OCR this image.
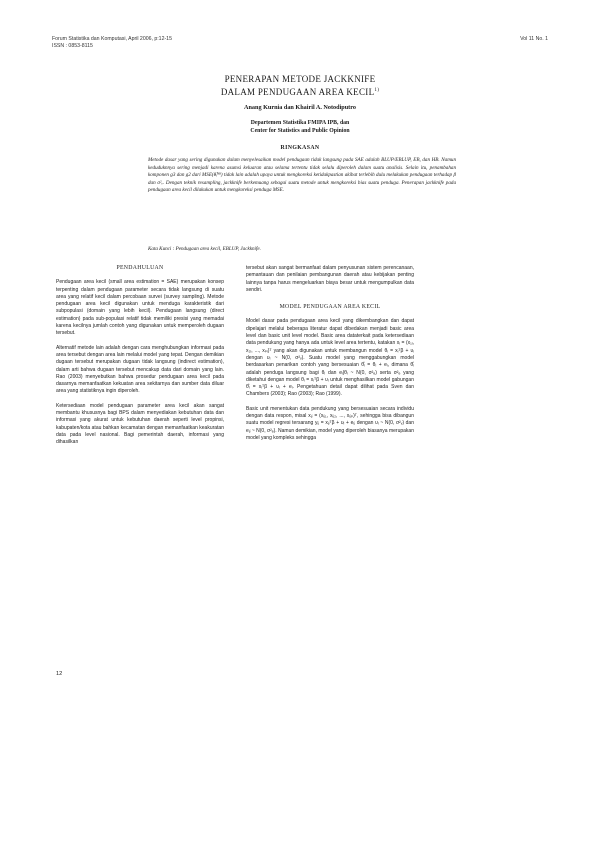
Forum Statistika dan Komputasi, April 2006, p:12-15
ISSN : 0853-8115
Vol 11 No. 1
PENERAPAN METODE JACKKNIFE
DALAM PENDUGAAN AREA KECIL$^{1)}$
Anang Kurnia dan Khairil A. Notodiputro
Departemen Statistika FMIPA IPB, dan
Center for Statistics and Public Opinion
RINGKASAN
Metode dasar yang sering digunakan dalam menyelesaikan model pendugaan tidak langsung pada SAE adalah BLUP/EBLUP, EB, dan HB. Namun keduduknnya sering menjadi karena asumsi keluaran atau selama tertentu tidak selalu diperoleh dalam suatu analisis. Selain itu, penambahan komponen g3 dan g2 dari MSE(θ̂ᵢᴴᴮ) tidak lain adalah upaya untuk mengkoreksi ketidakpastian akibat terlebih dulu melakukan pendugaan terhadap β dan σ²ᵥ. Dengan teknik resampling, jackknife berkemuang sebagai suatu metode untuk mengkoreksi bias suatu penduga. Penerapan jackknife pada pendugaan area kecil dilakukan untuk mengkoreksi penduga MSE.
Kata Kunci : Pendugaan area kecil, EBLUP, Jackknife.
PENDAHULUAN

Pendugaan area kecil (small area estimation = SAE) merupakan konsep terpenting dalam pendugaan parameter secara tidak langsung di suatu area yang relatif kecil dalam percobaan survei (survey sampling). Metode pendugaan area kecil digunakan untuk menduga karakteristik dari subpopulasi (domain yang lebih kecil). Pendugaan langsung (direct estimation) pada sub-populasi relatif tidak memiliki presisi yang memadai karena kecilnya jumlah contoh yang digunakan untuk memperoleh dugaan tersebut.

Alternatif metode lain adalah dengan cara menghubungkan informasi pada area tersebut dengan area lain melalui model yang tepat. Dengan demikian dugaan tersebut merupakan dugaan tidak langsung (indirect estimation), dalam arti bahwa dugaan tersebut mencakup data dari domain yang lain. Rao (2003) menyebutkan bahwa prosedur pendugaan area kecil pada dasarnya memanfaatkan kekuatan area sekitarnya dan sumber data diluar area yang statistiknya ingin diperoleh.

Ketersediaan model pendugaan parameter area kecil akan sangat membantu khususnya bagi BPS dalam menyediakan kebutuhan data dan informasi yang akurat untuk kebutuhan daerah seperti level propinsi, kabupaten/kota atau bahkan kecamatan dengan memanfaatkan keakuratan data pada level nasional. Bagi pemerintah daerah, informasi yang dihasilkan

tersebut akan sangat bermanfaat dalam penyusunan sistem perencanaan, pemantauan dan penilaian pembangunan daerah atau kebijakan penting lainnya tanpa harus mengeluarkan biaya besar untuk mengumpulkan data sendiri.

MODEL PENDUGAAN AREA KECIL

Model dasar pada pendugaan area kecil yang dikembangkan dan dapat dipelajari melalui beberapa literatur dapat dibedakan menjadi basic area level dan basic unit level model. Basic area dataterkait pada ketersediaan data pendukung yang hanya ada untuk level area tertentu, katakan xᵢ = (x₁ᵢ, x₂ᵢ, ..., xₚᵢ)ᵀ yang akan digunakan untuk membangun model θᵢ = xᵢᵀβ + υᵢ dengan υᵢ ~ N(0, σ²ᵥ). Suatu model yang menggabungkan model berdasarkan penarikan contoh yang bersesuaian θ̂ᵢ = θᵢ + eᵢ, dimana θ̂ᵢ adalah penduga langsung bagi θᵢ dan eᵢ|θᵢ ~ N(0, σ²ₑ) serta σ²ₑ yang diketahui dengan model θᵢ = xᵢᵀβ + υᵢ untuk menghasilkan model gabungan θ̂ᵢ = xᵢᵀβ + υᵢ + eᵢ. Pengetahuan detail dapat dilihat pada Sven dan Chambers (2003); Rao (2003); Rao (1999).

Basic unit menentukan data pendukung yang bersesuaian secara individu dengan data respon, misal xᵢⱼ = (xᵢⱼ₁, xᵢⱼ₂, ..., xᵢⱼₚ)ᵀ, sehingga bisa dibangun suatu model regresi tersarang yᵢⱼ = xᵢⱼᵀβ + υᵢ + eᵢⱼ dengan υᵢ ~ N(0, σ²ᵥ) dan eᵢⱼ ~ N(0, σ²ₑ). Namun demikian, model yang diperoleh biasanya merupakan model yang kompleks sehingga

12
